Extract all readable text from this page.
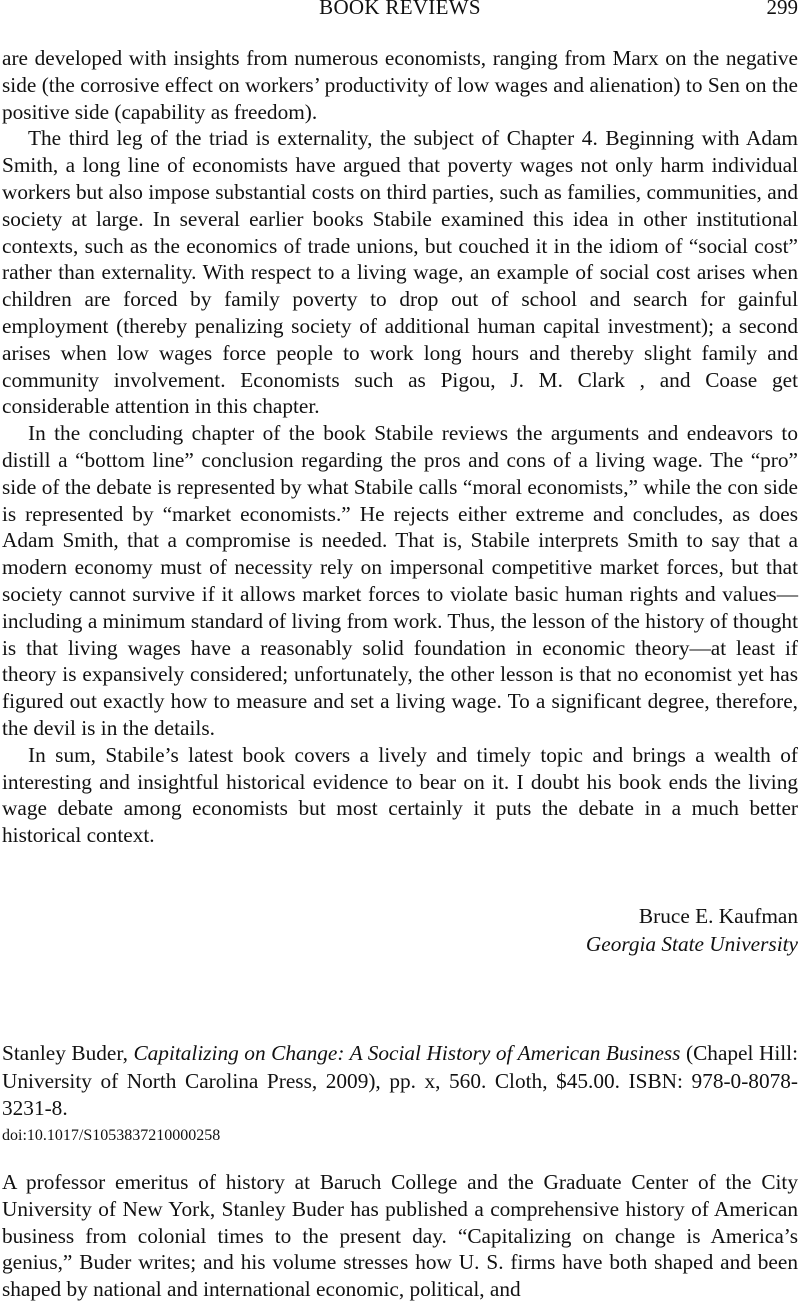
BOOK REVIEWS	299

are developed with insights from numerous economists, ranging from Marx on the negative side (the corrosive effect on workers’ productivity of low wages and alienation) to Sen on the positive side (capability as freedom).

The third leg of the triad is externality, the subject of Chapter 4. Beginning with Adam Smith, a long line of economists have argued that poverty wages not only harm individual workers but also impose substantial costs on third parties, such as families, communities, and society at large. In several earlier books Stabile examined this idea in other institutional contexts, such as the economics of trade unions, but couched it in the idiom of “social cost” rather than externality. With respect to a living wage, an example of social cost arises when children are forced by family poverty to drop out of school and search for gainful employment (thereby penalizing society of additional human capital investment); a second arises when low wages force people to work long hours and thereby slight family and community involvement. Economists such as Pigou, J. M. Clark , and Coase get considerable attention in this chapter.

In the concluding chapter of the book Stabile reviews the arguments and endeavors to distill a “bottom line” conclusion regarding the pros and cons of a living wage. The “pro” side of the debate is represented by what Stabile calls “moral economists,” while the con side is represented by “market economists.” He rejects either extreme and concludes, as does Adam Smith, that a compromise is needed. That is, Stabile interprets Smith to say that a modern economy must of necessity rely on impersonal competitive market forces, but that society cannot survive if it allows market forces to violate basic human rights and values—including a minimum standard of living from work. Thus, the lesson of the history of thought is that living wages have a reasonably solid foundation in economic theory—at least if theory is expansively considered; unfortunately, the other lesson is that no economist yet has figured out exactly how to measure and set a living wage. To a significant degree, therefore, the devil is in the details.

In sum, Stabile’s latest book covers a lively and timely topic and brings a wealth of interesting and insightful historical evidence to bear on it. I doubt his book ends the living wage debate among economists but most certainly it puts the debate in a much better historical context.

Bruce E. Kaufman
Georgia State University
Stanley Buder, Capitalizing on Change: A Social History of American Business (Chapel Hill: University of North Carolina Press, 2009), pp. x, 560. Cloth, $45.00. ISBN: 978-0-8078-3231-8.
doi:10.1017/S1053837210000258
A professor emeritus of history at Baruch College and the Graduate Center of the City University of New York, Stanley Buder has published a comprehensive history of American business from colonial times to the present day. “Capitalizing on change is America’s genius,” Buder writes; and his volume stresses how U. S. firms have both shaped and been shaped by national and international economic, political, and
